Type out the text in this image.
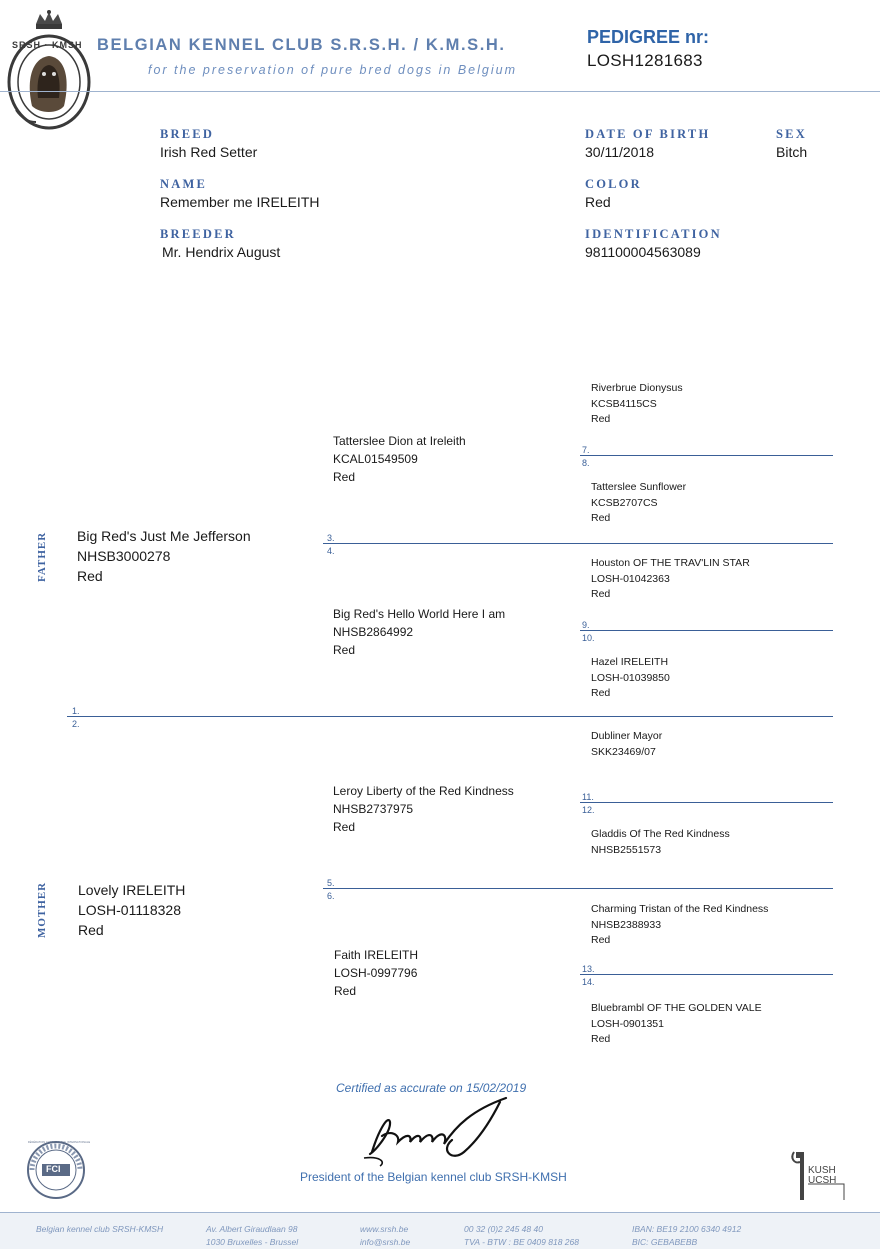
SRSH · KMSH BELGIAN KENNEL CLUB S.R.S.H. / K.M.S.H.
for the preservation of pure bred dogs in Belgium
PEDIGREE nr:
LOSH1281683
BREED
Irish Red Setter
DATE OF BIRTH
30/11/2018
SEX
Bitch
NAME
Remember me IRELEITH
COLOR
Red
BREEDER
Mr. Hendrix August
IDENTIFICATION
981100004563089
FATHER
MOTHER
Big Red's Just Me Jefferson
NHSB3000278
Red
Lovely IRELEITH
LOSH-01118328
Red
Tatterslee Dion at Ireleith
KCAL01549509
Red
Big Red's Hello World Here I am
NHSB2864992
Red
Leroy Liberty of the Red Kindness
NHSB2737975
Red
Faith IRELEITH
LOSH-0997796
Red
Riverbrue Dionysus
KCSB4115CS
Red
Tatterslee Sunflower
KCSB2707CS
Red
Houston OF THE TRAV'LIN STAR
LOSH-01042363
Red
Hazel IRELEITH
LOSH-01039850
Red
Dubliner Mayor
SKK23469/07
Gladdis Of The Red Kindness
NHSB2551573
Charming Tristan of the Red Kindness
NHSB2388933
Red
Bluebrambl OF THE GOLDEN VALE
LOSH-0901351
Red
1.
2.
3.
4.
5.
6.
7.
8.
9.
10.
11.
12.
13.
14.
Certified as accurate on 15/02/2019
President of the Belgian kennel club SRSH-KMSH
FCI
FÉDÉRATION CYNOLOGIQUE INTERNATIONALE
KUSH UCSH
Belgian kennel club SRSH-KMSH	Av. Albert Giraudlaan 98
1030 Bruxelles - Brussel
www.srsh.be
info@srsh.be
00 32 (0)2 245 48 40
TVA - BTW : BE 0409 818 268
IBAN: BE19 2100 6340 4912
BIC: GEBABEBB
